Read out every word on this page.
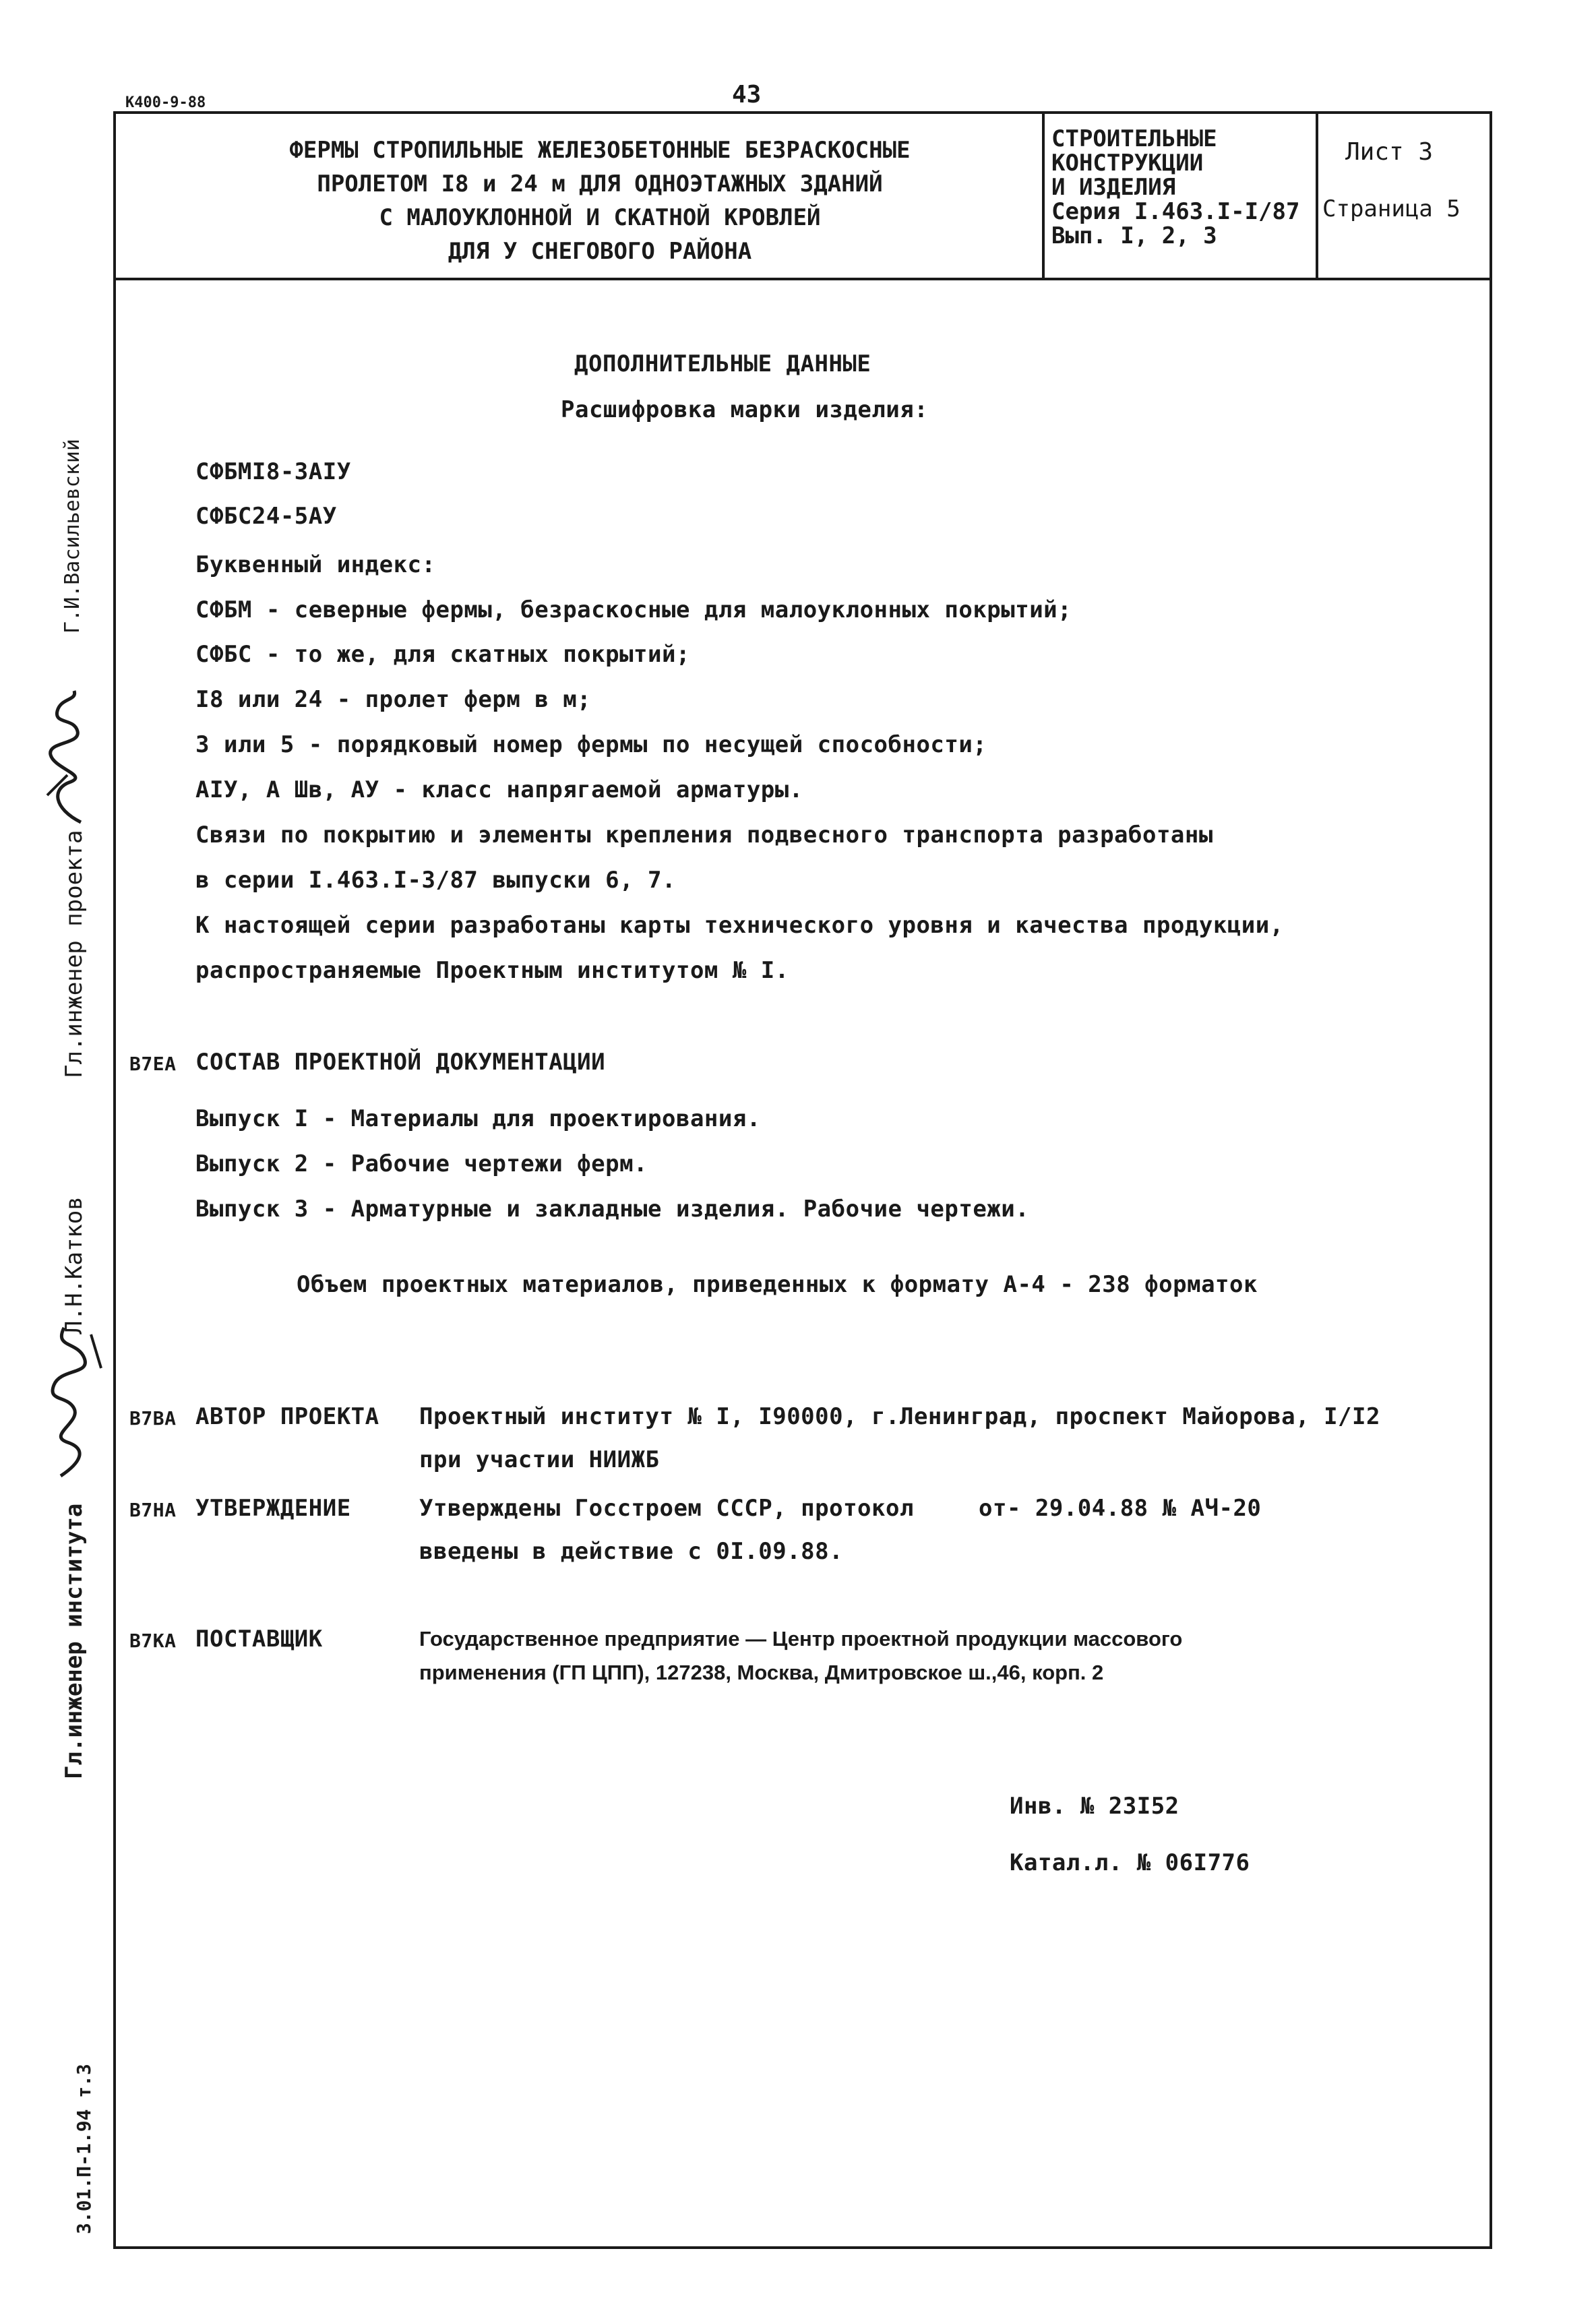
К400-9-88	43
ФЕРМЫ СТРОПИЛЬНЫЕ ЖЕЛЕЗОБЕТОННЫЕ БЕЗРАСКОСНЫЕ
ПРОЛЕТОМ I8 и 24 м ДЛЯ ОДНОЭТАЖНЫХ ЗДАНИЙ
С МАЛОУКЛОННОЙ И СКАТНОЙ КРОВЛЕЙ
ДЛЯ У СНЕГОВОГО РАЙОНА
СТРОИТЕЛЬНЫЕ
КОНСТРУКЦИИ
И ИЗДЕЛИЯ
Серия I.463.I-I/87
Вып. I, 2, 3
Лист 3
Страница 5
Гл.инженер проекта
Г.И.Васильевский
Гл.инженер института
Л.Н.Катков
3.01.П-1.94 т.3
ДОПОЛНИТЕЛЬНЫЕ ДАННЫЕ
Расшифровка марки изделия:
СФБМI8-3АIУ
СФБС24-5АУ
Буквенный индекс:
СФБМ - северные фермы, безраскосные для малоуклонных покрытий;
СФБС - то же, для скатных покрытий;
I8 или 24 - пролет ферм в м;
3 или 5 - порядковый номер фермы по несущей способности;
АIУ, А Шв, АУ - класс напрягаемой арматуры.
Связи по покрытию и элементы крепления подвесного транспорта разработаны
в серии I.463.I-3/87 выпуски 6, 7.
К настоящей серии разработаны карты технического уровня и качества продукции,
распространяемые Проектным институтом № I.
В7ЕА СОСТАВ ПРОЕКТНОЙ ДОКУМЕНТАЦИИ
Выпуск I - Материалы для проектирования.
Выпуск 2 - Рабочие чертежи ферм.
Выпуск 3 - Арматурные и закладные изделия. Рабочие чертежи.
Объем проектных материалов, приведенных к формату А-4 - 238 форматок
В7ВА АВТОР ПРОЕКТА Проектный институт № I, I90000, г.Ленинград, проспект Майорова, I/I2
при участии НИИЖБ
В7НА УТВЕРЖДЕНИЕ	Утверждены Госстроем СССР, протокол	от- 29.04.88 № АЧ-20
введены в действие с 0I.09.88.
В7КА ПОСТАВЩИК	Государственное предприятие — Центр проектной продукции массового
применения (ГП ЦПП), 127238, Москва, Дмитровское ш.,46, корп. 2
Инв. № 23I52
Катал.л. № 06I776
